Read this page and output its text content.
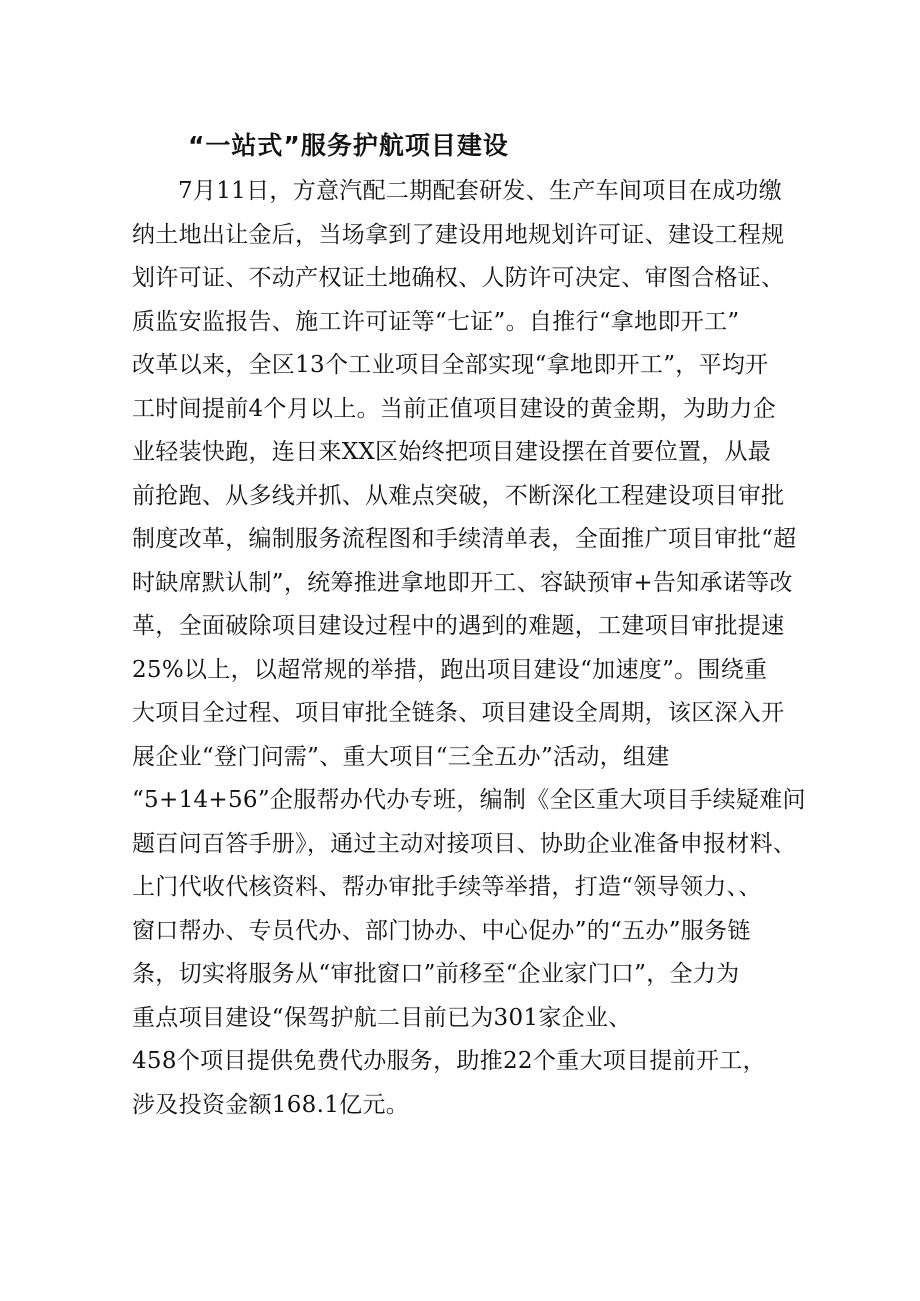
“一站式”服务护航项目建设
7月11日，方意汽配二期配套研发、生产车间项目在成功缴
纳土地出让金后，当场拿到了建设用地规划许可证、建设工程规
划许可证、不动产权证土地确权、人防许可决定、审图合格证、
质监安监报告、施工许可证等“七证”。自推行“拿地即开工”
改革以来，全区13个工业项目全部实现“拿地即开工”，平均开
工时间提前4个月以上。当前正值项目建设的黄金期，为助力企
业轻装快跑，连日来XX区始终把项目建设摆在首要位置，从最
前抢跑、从多线并抓、从难点突破，不断深化工程建设项目审批
制度改革，编制服务流程图和手续清单表，全面推广项目审批“超
时缺席默认制”，统筹推进拿地即开工、容缺预审+告知承诺等改
革，全面破除项目建设过程中的遇到的难题，工建项目审批提速
25%以上，以超常规的举措，跑出项目建设“加速度”。围绕重
大项目全过程、项目审批全链条、项目建设全周期，该区深入开
展企业“登门问需”、重大项目“三全五办”活动，组建
“5+14+56”企服帮办代办专班，编制《全区重大项目手续疑难问
题百问百答手册》，通过主动对接项目、协助企业准备申报材料、
上门代收代核资料、帮办审批手续等举措，打造“领导领力、、
窗口帮办、专员代办、部门协办、中心促办”的“五办”服务链
条，切实将服务从“审批窗口”前移至“企业家门口”，全力为
重点项目建设“保驾护航二目前已为301家企业、
458个项目提供免费代办服务，助推22个重大项目提前开工，
涉及投资金额168.1亿元。
